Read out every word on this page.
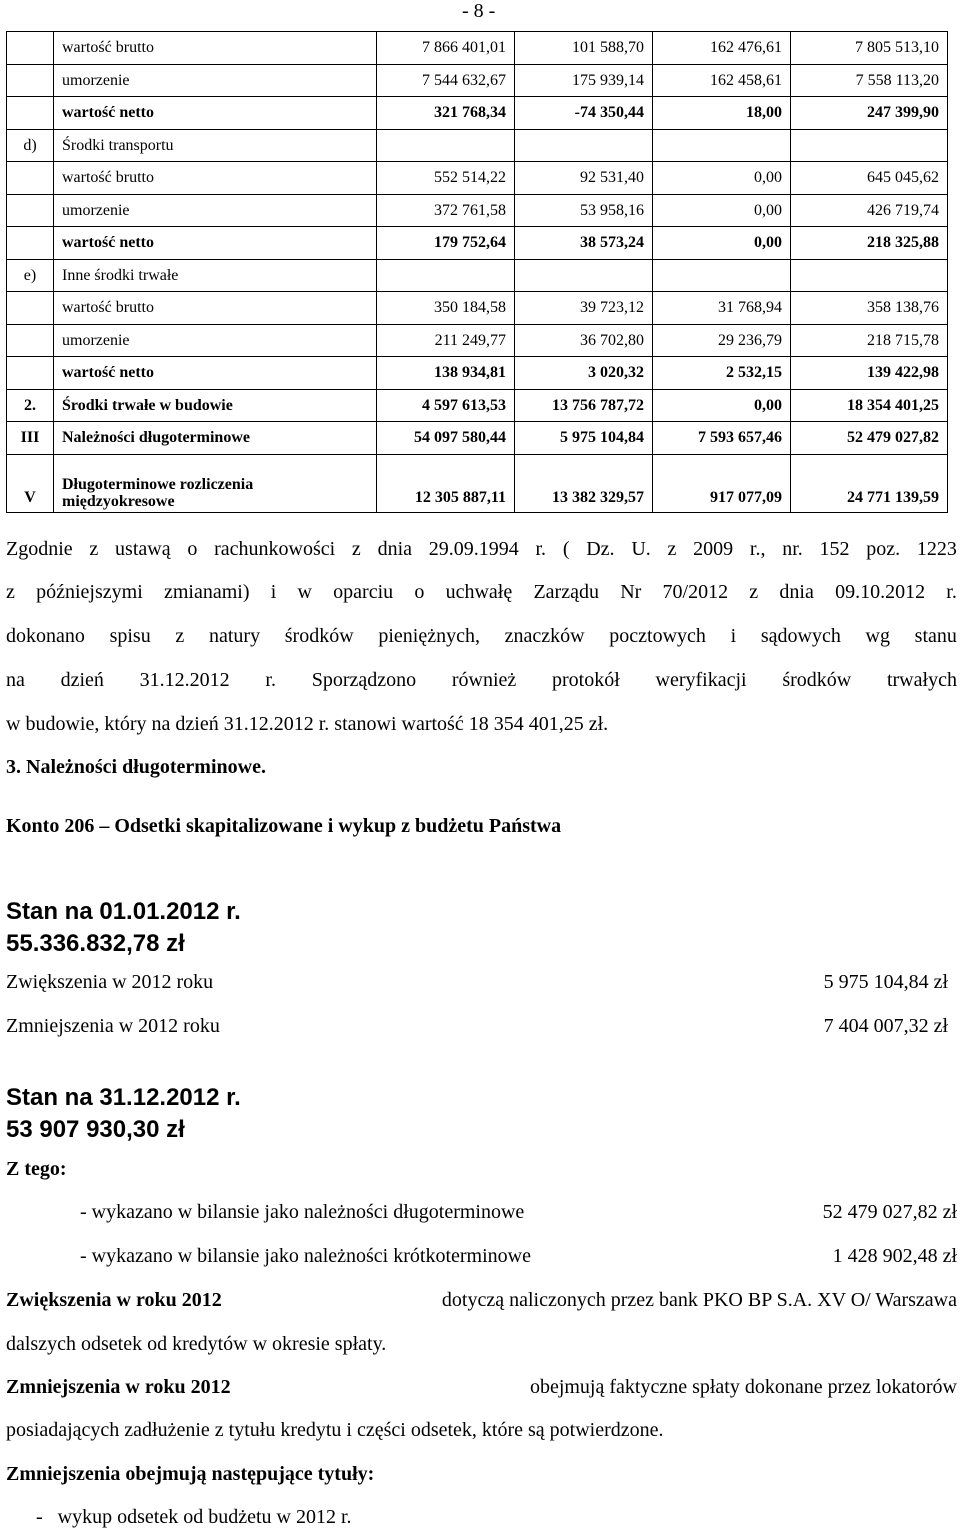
- 8 -
	wartość brutto	7 866 401,01	101 588,70	162 476,61	7 805 513,10
	umorzenie	7 544 632,67	175 939,14	162 458,61	7 558 113,20
	wartość netto	321 768,34	-74 350,44	18,00	247 399,90
d)	Środki transportu				
	wartość brutto	552 514,22	92 531,40	0,00	645 045,62
	umorzenie	372 761,58	53 958,16	0,00	426 719,74
	wartość netto	179 752,64	38 573,24	0,00	218 325,88
e)	Inne środki trwałe				
	wartość brutto	350 184,58	39 723,12	31 768,94	358 138,76
	umorzenie	211 249,77	36 702,80	29 236,79	218 715,78
	wartość netto	138 934,81	3 020,32	2 532,15	139 422,98
2.	Środki trwałe w budowie	4 597 613,53	13 756 787,72	0,00	18 354 401,25
III	Należności długoterminowe	54 097 580,44	5 975 104,84	7 593 657,46	52 479 027,82
V	Długoterminowe rozliczenia międzyokresowe	12 305 887,11	13 382 329,57	917 077,09	24 771 139,59
Zgodnie z ustawą o rachunkowości z dnia 29.09.1994 r. ( Dz. U. z 2009 r., nr. 152 poz. 1223
z późniejszymi zmianami) i w oparciu o uchwałę Zarządu Nr 70/2012 z dnia 09.10.2012 r.
dokonano spisu z natury środków pieniężnych, znaczków pocztowych i sądowych wg stanu
na dzień 31.12.2012 r. Sporządzono również protokół weryfikacji środków trwałych
w budowie, który na dzień 31.12.2012 r. stanowi wartość 18 354 401,25 zł.
3. Należności długoterminowe.
Konto 206 – Odsetki skapitalizowane i wykup z budżetu Państwa
Stan na 01.01.2012 r.
55.336.832,78 zł
Zwiększenia w 2012 roku	5 975 104,84 zł
Zmniejszenia w 2012 roku	7 404 007,32 zł
Stan na 31.12.2012 r.
53 907 930,30 zł
Z tego:
- wykazano w bilansie jako należności długoterminowe	52 479 027,82 zł
- wykazano w bilansie jako należności krótkoterminowe	1 428 902,48 zł
Zwiększenia w roku 2012	dotyczą naliczonych przez bank PKO BP S.A. XV O/ Warszawa
dalszych odsetek od kredytów w okresie spłaty.
Zmniejszenia w roku 2012	obejmują faktyczne spłaty dokonane przez lokatorów
posiadających zadłużenie z tytułu kredytu i części odsetek, które są potwierdzone.
Zmniejszenia obejmują następujące tytuły:
-   wykup odsetek od budżetu w 2012 r.
